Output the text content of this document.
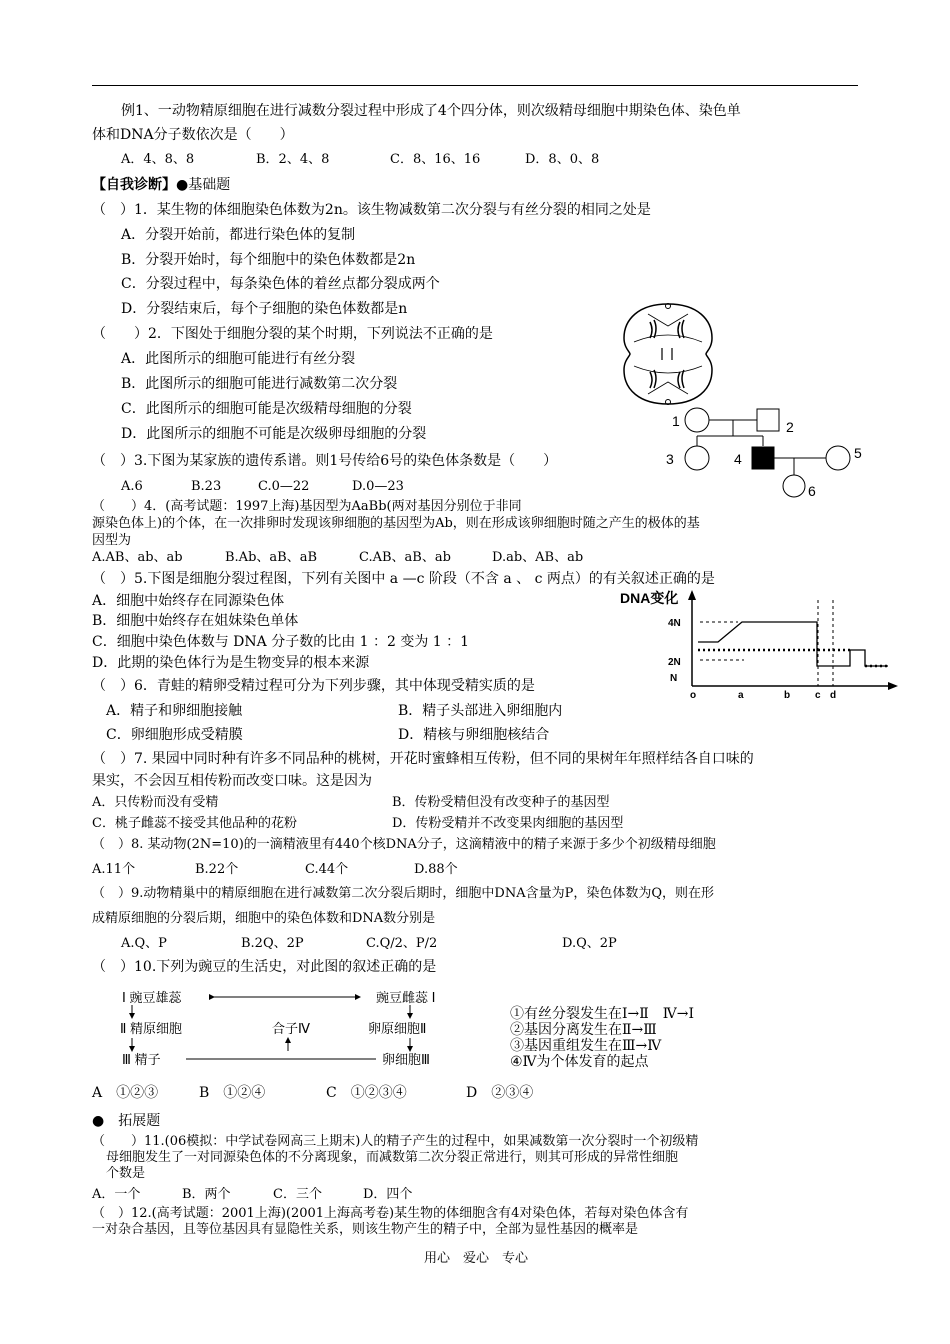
例1、一动物精原细胞在进行减数分裂过程中形成了4个四分体，则次级精母细胞中期染色体、染色单
体和DNA分子数依次是（　　）
A．4、8、8	B．2、4、8	C．8、16、16	D．8、0、8
【自我诊断】●基础题
（　）1．某生物的体细胞染色体数为2n。该生物减数第二次分裂与有丝分裂的相同之处是
A．分裂开始前，都进行染色体的复制
B．分裂开始时，每个细胞中的染色体数都是2n
C．分裂过程中，每条染色体的着丝点都分裂成两个
D．分裂结束后，每个子细胞的染色体数都是n
（　　）2．下图处于细胞分裂的某个时期，下列说法不正确的是
A．此图所示的细胞可能进行有丝分裂
B．此图所示的细胞可能进行减数第二次分裂
C．此图所示的细胞可能是次级精母细胞的分裂
D．此图所示的细胞不可能是次级卵母细胞的分裂
1	2
3	4	5
6
（　）3.下图为某家族的遗传系谱。则1号传给6号的染色体条数是（　　）
A.6	B.23	C.0—22	D.0—23
（　　）4．(高考试题：1997上海)基因型为AaBb(两对基因分别位于非同
源染色体上)的个体，在一次排卵时发现该卵细胞的基因型为Ab，则在形成该卵细胞时随之产生的极体的基
因型为
A.AB、ab、ab	B.Ab、aB、aB	C.AB、aB、ab	D.ab、AB、ab
（　）5.下图是细胞分裂过程图，下列有关图中 a —c 阶段（不含 a 、 c 两点）的有关叙述正确的是
A．细胞中始终存在同源染色体
B．细胞中始终存在姐妹染色单体
C．细胞中染色体数与 DNA 分子数的比由 1 ：2 变为 1 ：1
D．此期的染色体行为是生物变异的根本来源
DNA变化
4N
2N
N
o	a	b c d
（　）6．青蛙的精卵受精过程可分为下列步骤，其中体现受精实质的是
A．精子和卵细胞接触	B．精子头部进入卵细胞内
C．卵细胞形成受精膜	D．精核与卵细胞核结合
（　）7. 果园中同时种有许多不同品种的桃树，开花时蜜蜂相互传粉，但不同的果树年年照样结各自口味的
果实，不会因互相传粉而改变口味。这是因为
A．只传粉而没有受精	B．传粉受精但没有改变种子的基因型
C．桃子雌蕊不接受其他品种的花粉	D．传粉受精并不改变果肉细胞的基因型
（　）8. 某动物(2N=10)的一滴精液里有440个核DNA分子，这滴精液中的精子来源于多少个初级精母细胞
A.11个	B.22个	C.44个	D.88个
（　）9.动物精巢中的精原细胞在进行减数第二次分裂后期时，细胞中DNA含量为P，染色体数为Q，则在形
成精原细胞的分裂后期，细胞中的染色体数和DNA数分别是
A.Q、P	B.2Q、2P	C.Q/2、P/2	D.Q、2P
（　）10.下列为豌豆的生活史，对此图的叙述正确的是
Ⅰ 豌豆雄蕊	豌豆雌蕊 Ⅰ
Ⅱ 精原细胞	合子Ⅳ	卵原细胞Ⅱ
Ⅲ 精子	卵细胞Ⅲ
①有丝分裂发生在Ⅰ→Ⅱ　Ⅳ→Ⅰ
②基因分离发生在Ⅱ→Ⅲ
③基因重组发生在Ⅲ→Ⅳ
④Ⅳ为个体发育的起点
A　①②③	B　①②④	C　①②③④	D　②③④
●　拓展题
（　　）11.(06模拟：中学试卷网高三上期末)人的精子产生的过程中，如果减数第一次分裂时一个初级精
母细胞发生了一对同源染色体的不分离现象，而减数第二次分裂正常进行，则其可形成的异常性细胞
个数是
A．一个	B．两个	C．三个	D．四个
（　）12.(高考试题：2001上海)(2001上海高考卷)某生物的体细胞含有4对染色体，若每对染色体含有
一对杂合基因，且等位基因具有显隐性关系，则该生物产生的精子中，全部为显性基因的概率是
用心　爱心　专心
